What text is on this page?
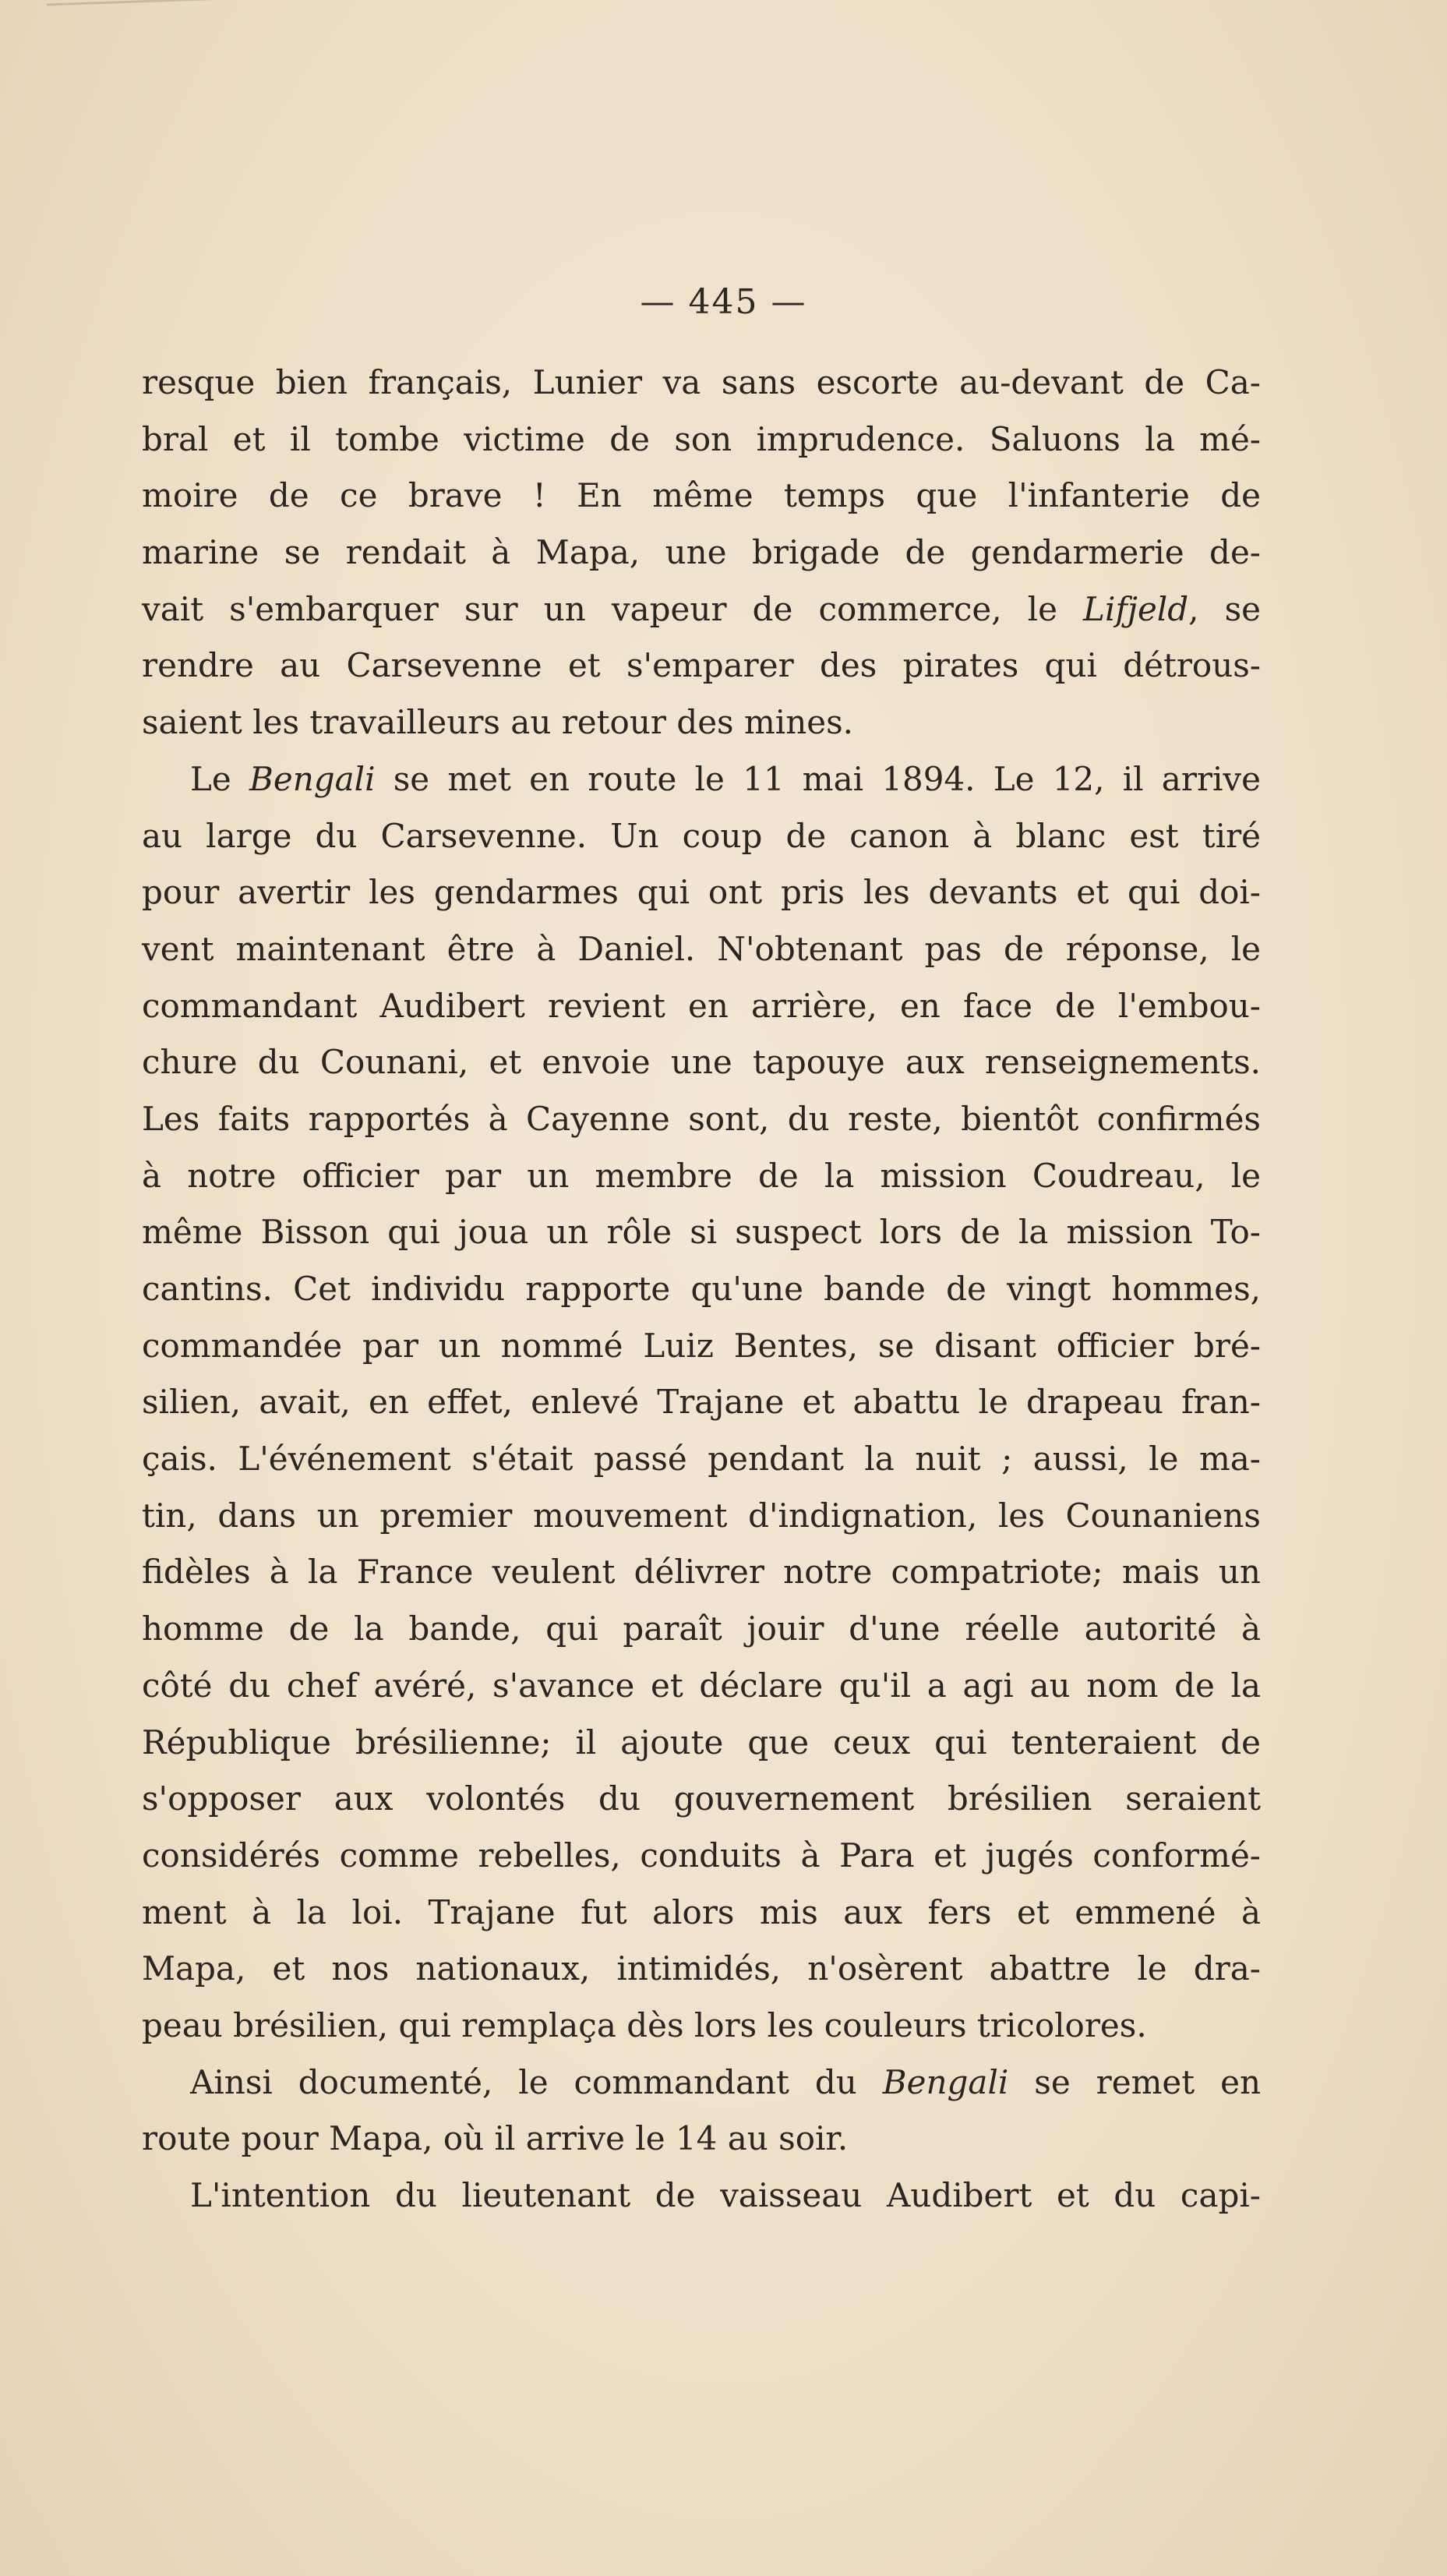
— 445 —
resque bien français, Lunier va sans escorte au-devant de Ca-
bral et il tombe victime de son imprudence. Saluons la mé-
moire de ce brave ! En même temps que l'infanterie de
marine se rendait à Mapa, une brigade de gendarmerie de-
vait s'embarquer sur un vapeur de commerce, le Lifjeld, se
rendre au Carsevenne et s'emparer des pirates qui détrous-
saient les travailleurs au retour des mines.
Le Bengali se met en route le 11 mai 1894. Le 12, il arrive
au large du Carsevenne. Un coup de canon à blanc est tiré
pour avertir les gendarmes qui ont pris les devants et qui doi-
vent maintenant être à Daniel. N'obtenant pas de réponse, le
commandant Audibert revient en arrière, en face de l'embou-
chure du Counani, et envoie une tapouye aux renseignements.
Les faits rapportés à Cayenne sont, du reste, bientôt confirmés
à notre officier par un membre de la mission Coudreau, le
même Bisson qui joua un rôle si suspect lors de la mission To-
cantins. Cet individu rapporte qu'une bande de vingt hommes,
commandée par un nommé Luiz Bentes, se disant officier bré-
silien, avait, en effet, enlevé Trajane et abattu le drapeau fran-
çais. L'événement s'était passé pendant la nuit ; aussi, le ma-
tin, dans un premier mouvement d'indignation, les Counaniens
fidèles à la France veulent délivrer notre compatriote; mais un
homme de la bande, qui paraît jouir d'une réelle autorité à
côté du chef avéré, s'avance et déclare qu'il a agi au nom de la
République brésilienne; il ajoute que ceux qui tenteraient de
s'opposer aux volontés du gouvernement brésilien seraient
considérés comme rebelles, conduits à Para et jugés conformé-
ment à la loi. Trajane fut alors mis aux fers et emmené à
Mapa, et nos nationaux, intimidés, n'osèrent abattre le dra-
peau brésilien, qui remplaça dès lors les couleurs tricolores.
Ainsi documenté, le commandant du Bengali se remet en
route pour Mapa, où il arrive le 14 au soir.
L'intention du lieutenant de vaisseau Audibert et du capi-
